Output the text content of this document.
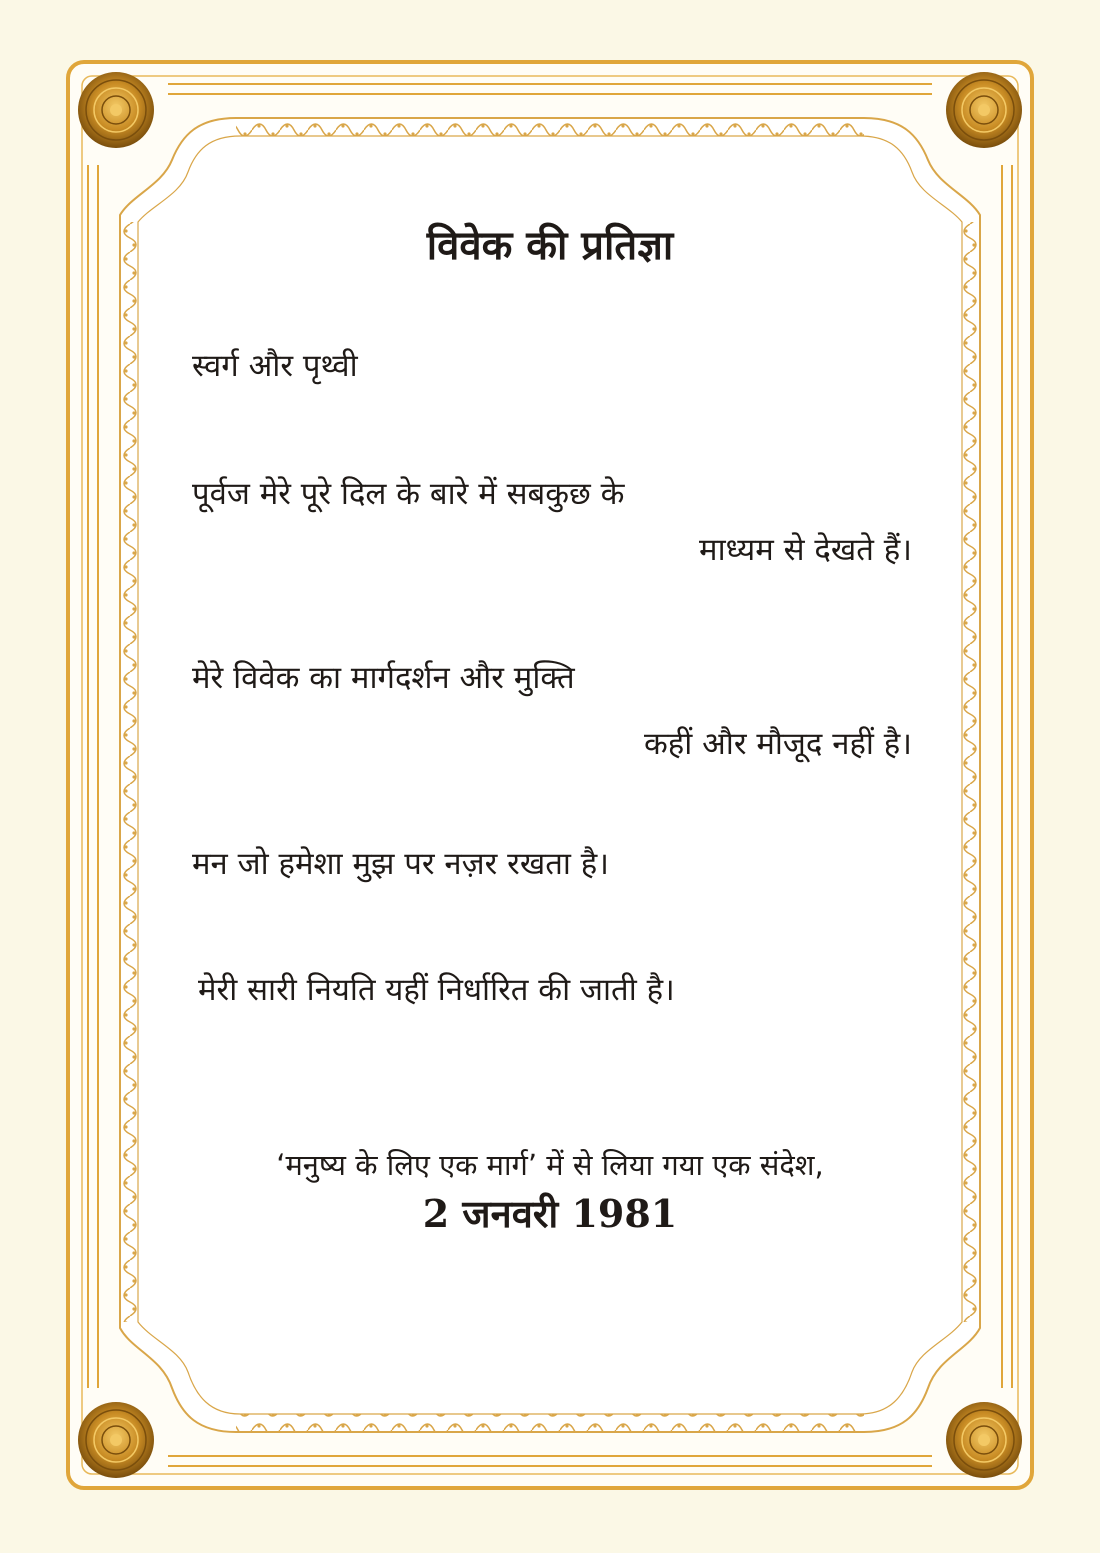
विवेक की प्रतिज्ञा

स्वर्ग और पृथ्वी

पूर्वज मेरे पूरे दिल के बारे में सबकुछ के

माध्यम से देखते हैं।

मेरे विवेक का मार्गदर्शन और मुक्ति

कहीं और मौजूद नहीं है।

मन जो हमेशा मुझ पर नज़र रखता है।

मेरी सारी नियति यहीं निर्धारित की जाती है।

‘मनुष्य के लिए एक मार्ग’ में से लिया गया एक संदेश,

2 जनवरी 1981
